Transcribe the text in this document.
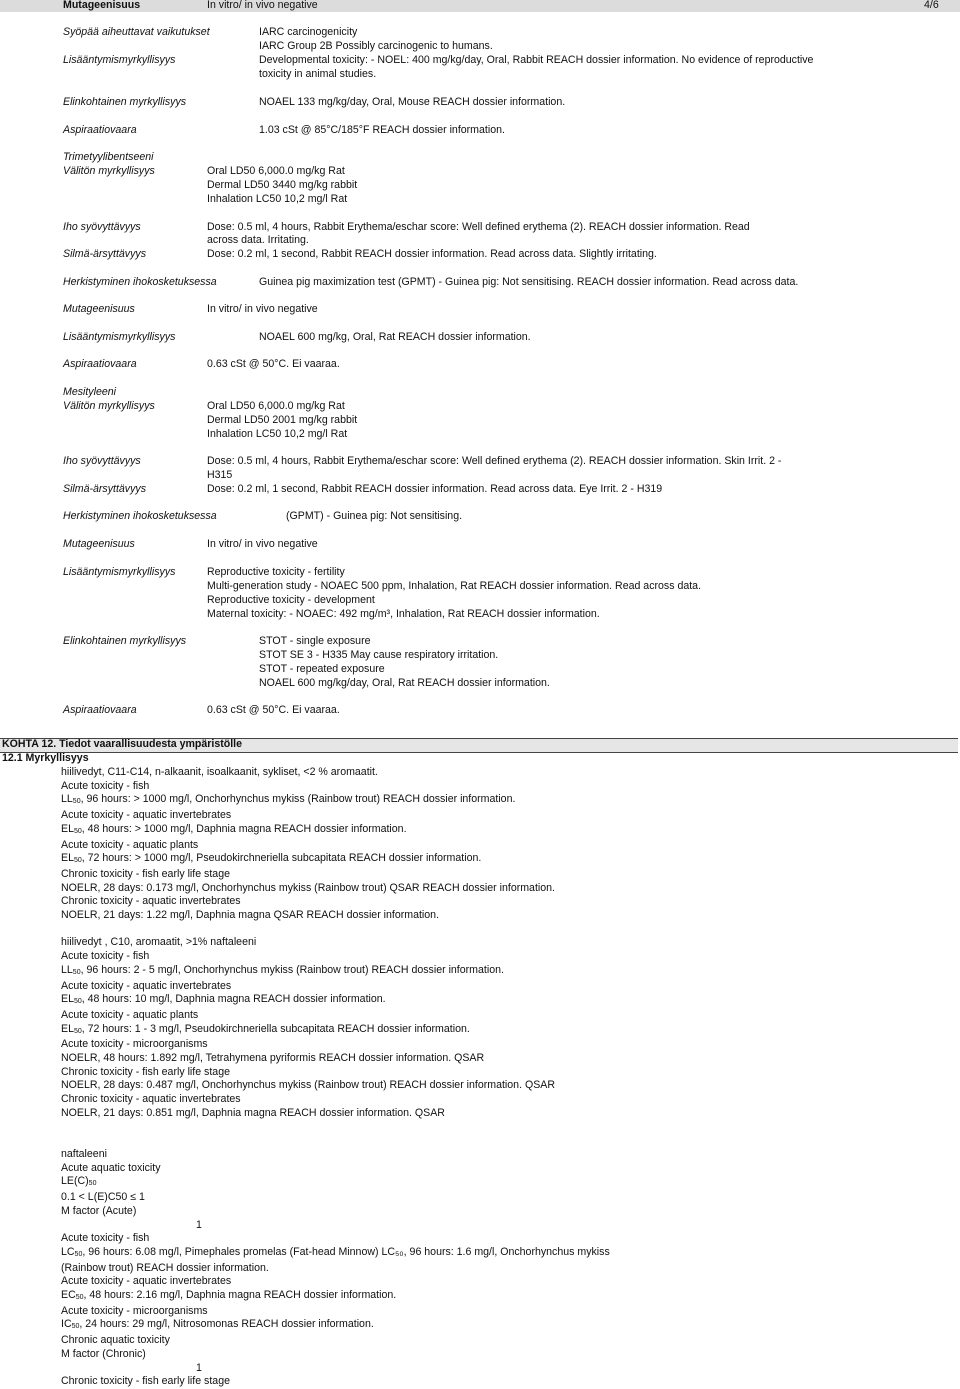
Mutageenisuus	In vitro/ in vivo negative	4/6
Syöpää aiheuttavat vaikutukset	IARC carcinogenicity
IARC Group 2B Possibly carcinogenic to humans.
Lisääntymismyrkyllisyys	Developmental toxicity: - NOEL: 400 mg/kg/day, Oral, Rabbit REACH dossier information. No evidence of reproductive
toxicity in animal studies.
Elinkohtainen myrkyllisyys	NOAEL 133 mg/kg/day, Oral, Mouse REACH dossier information.
Aspiraatiovaara	1.03 cSt @ 85°C/185°F REACH dossier information.
Trimetyylibentseeni
Välitön myrkyllisyys	Oral LD50 6,000.0 mg/kg Rat
Dermal LD50 3440 mg/kg rabbit
Inhalation LC50 10,2 mg/l Rat
Iho syövyttävyys	Dose: 0.5 ml, 4 hours, Rabbit Erythema/eschar score: Well defined erythema (2). REACH dossier information. Read
across data. Irritating.
Silmä-ärsyttävyys	Dose: 0.2 ml, 1 second, Rabbit REACH dossier information. Read across data. Slightly irritating.
Herkistyminen ihokosketuksessa	Guinea pig maximization test (GPMT) - Guinea pig: Not sensitising. REACH dossier information. Read across data.
Mutageenisuus	In vitro/ in vivo negative
Lisääntymismyrkyllisyys	NOAEL 600 mg/kg, Oral, Rat REACH dossier information.
Aspiraatiovaara	0.63 cSt @ 50°C. Ei vaaraa.
Mesityleeni
Välitön myrkyllisyys	Oral LD50 6,000.0 mg/kg Rat
Dermal LD50 2001 mg/kg rabbit
Inhalation LC50 10,2 mg/l Rat
Iho syövyttävyys	Dose: 0.5 ml, 4 hours, Rabbit Erythema/eschar score: Well defined erythema (2). REACH dossier information. Skin Irrit. 2 -
H315
Silmä-ärsyttävyys	Dose: 0.2 ml, 1 second, Rabbit REACH dossier information. Read across data. Eye Irrit. 2 - H319
Herkistyminen ihokosketuksessa	(GPMT) - Guinea pig: Not sensitising.
Mutageenisuus	In vitro/ in vivo negative
Lisääntymismyrkyllisyys	Reproductive toxicity - fertility
Multi-generation study - NOAEC 500 ppm, Inhalation, Rat REACH dossier information. Read across data.
Reproductive toxicity - development
Maternal toxicity: - NOAEC: 492 mg/m³, Inhalation, Rat REACH dossier information.
Elinkohtainen myrkyllisyys	STOT - single exposure
STOT SE 3 - H335 May cause respiratory irritation.
STOT - repeated exposure
NOAEL 600 mg/kg/day, Oral, Rat REACH dossier information.
Aspiraatiovaara	0.63 cSt @ 50°C. Ei vaaraa.
KOHTA 12. Tiedot vaarallisuudesta ympäristölle
12.1 Myrkyllisyys
hiilivedyt, C11-C14, n-alkaanit, isoalkaanit, sykliset, <2 % aromaatit.
Acute toxicity - fish
LL50, 96 hours: > 1000 mg/l, Onchorhynchus mykiss (Rainbow trout) REACH dossier information.
Acute toxicity - aquatic invertebrates
EL50, 48 hours: > 1000 mg/l, Daphnia magna REACH dossier information.
Acute toxicity - aquatic plants
EL50, 72 hours: > 1000 mg/l, Pseudokirchneriella subcapitata REACH dossier information.
Chronic toxicity - fish early life stage
NOELR, 28 days: 0.173 mg/l, Onchorhynchus mykiss (Rainbow trout) QSAR REACH dossier information.
Chronic toxicity - aquatic invertebrates
NOELR, 21 days: 1.22 mg/l, Daphnia magna QSAR REACH dossier information.

hiilivedyt , C10, aromaatit, >1% naftaleeni
Acute toxicity - fish
LL50, 96 hours: 2 - 5 mg/l, Onchorhynchus mykiss (Rainbow trout) REACH dossier information.
Acute toxicity - aquatic invertebrates
EL50, 48 hours: 10 mg/l, Daphnia magna REACH dossier information.
Acute toxicity - aquatic plants
EL50, 72 hours: 1 - 3 mg/l, Pseudokirchneriella subcapitata REACH dossier information.
Acute toxicity - microorganisms
NOELR, 48 hours: 1.892 mg/l, Tetrahymena pyriformis REACH dossier information. QSAR
Chronic toxicity - fish early life stage
NOELR, 28 days: 0.487 mg/l, Onchorhynchus mykiss (Rainbow trout) REACH dossier information. QSAR
Chronic toxicity - aquatic invertebrates
NOELR, 21 days: 0.851 mg/l, Daphnia magna REACH dossier information. QSAR

naftaleeni
Acute aquatic toxicity
LE(C)50
0.1 < L(E)C50 ≤ 1
M factor (Acute)
1
Acute toxicity - fish
LC50, 96 hours: 6.08 mg/l, Pimephales promelas (Fat-head Minnow) LC₅₀, 96 hours: 1.6 mg/l, Onchorhynchus mykiss
(Rainbow trout) REACH dossier information.
Acute toxicity - aquatic invertebrates
EC50, 48 hours: 2.16 mg/l, Daphnia magna REACH dossier information.
Acute toxicity - microorganisms
IC50, 24 hours: 29 mg/l, Nitrosomonas REACH dossier information.
Chronic aquatic toxicity
M factor (Chronic)
1
Chronic toxicity - fish early life stage
